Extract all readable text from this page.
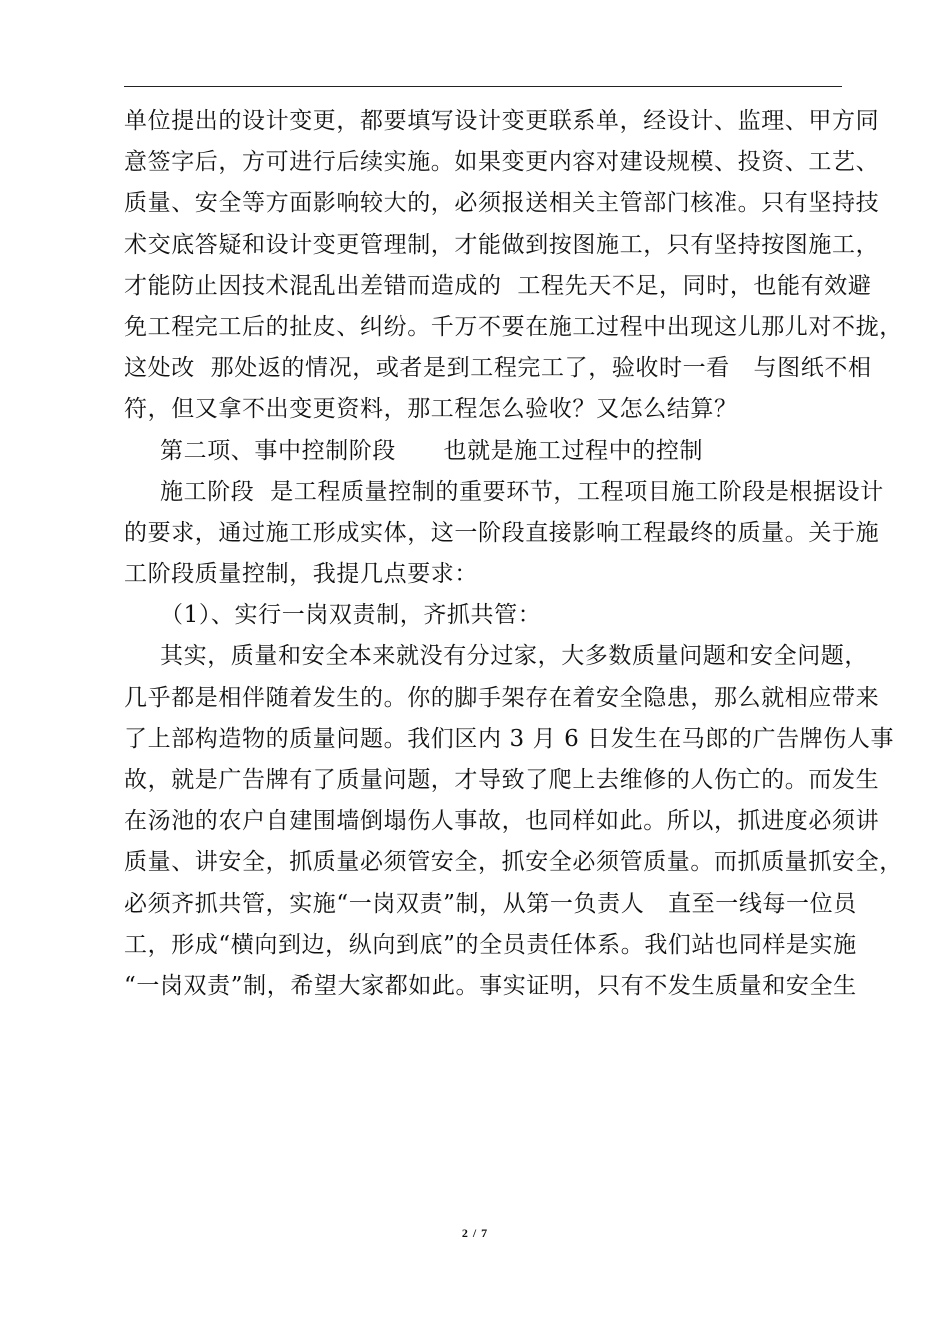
单位提出的设计变更，都要填写设计变更联系单，经设计、监理、甲方同
意签字后，方可进行后续实施。如果变更内容对建设规模、投资、工艺、
质量、安全等方面影响较大的，必须报送相关主管部门核准。只有坚持技
术交底答疑和设计变更管理制，才能做到按图施工，只有坚持按图施工，
才能防止因技术混乱出差错而造成的  工程先天不足，同时，也能有效避
免工程完工后的扯皮、纠纷。千万不要在施工过程中出现这儿那儿对不拢，
这处改  那处返的情况，或者是到工程完工了，验收时一看   与图纸不相
符，但又拿不出变更资料，那工程怎么验收？又怎么结算？
第二项、事中控制阶段      也就是施工过程中的控制
施工阶段  是工程质量控制的重要环节，工程项目施工阶段是根据设计
的要求，通过施工形成实体，这一阶段直接影响工程最终的质量。关于施
工阶段质量控制，我提几点要求：
（1）、实行一岗双责制，齐抓共管：
其实，质量和安全本来就没有分过家，大多数质量问题和安全问题，
几乎都是相伴随着发生的。你的脚手架存在着安全隐患，那么就相应带来
了上部构造物的质量问题。我们区内 3 月 6 日发生在马郎的广告牌伤人事
故，就是广告牌有了质量问题，才导致了爬上去维修的人伤亡的。而发生
在汤池的农户自建围墙倒塌伤人事故，也同样如此。所以，抓进度必须讲
质量、讲安全，抓质量必须管安全，抓安全必须管质量。而抓质量抓安全，
必须齐抓共管，实施“一岗双责”制，从第一负责人   直至一线每一位员
工，形成“横向到边，纵向到底”的全员责任体系。我们站也同样是实施
“一岗双责”制，希望大家都如此。事实证明，只有不发生质量和安全生
2 / 7
